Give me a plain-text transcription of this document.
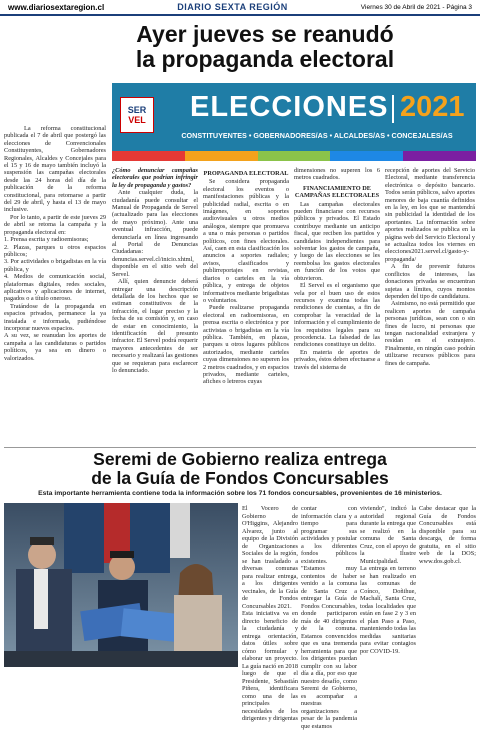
www.diariosextaregion.cl	DIARIO SEXTA REGIÓN	Viernes 30 de Abril de 2021 - Página 3
Ayer jueves se reanudó
la propaganda electoral

La reforma constitucional publicada el 7 de abril que postergó las elecciones de Convencionales Constituyentes, Gobernadores Regionales, Alcaldes y Concejales para el 15 y 16 de mayo también incluyó la suspensión las campañas electorales desde las 24 horas del día de la publicación de la reforma constitucional, para retomarse a partir del 29 de abril, y hasta el 13 de mayo inclusive.

Por lo tanto, a partir de este jueves 29 de abril se retoma la campaña y la propaganda electoral en:

1. Prensa escrita y radioemisoras;

2. Plazas, parques u otros espacios públicos;

3. Por actividades o brigadistas en la vía pública, y

4. Medios de comunicación social, plataformas digitales, redes sociales, aplicativos y aplicaciones de internet, pagados o a título oneroso.

Tratándose de la propaganda en espacios privados, permanece la ya instalada e informada, pudiéndose incorporar nuevos espacios.

A su vez, se reanudan los aportes de campaña a las candidaturas o partidos políticos, ya sea en dinero o valorizados.

SER
VEL ELECCIONES 2021
CONSTITUYENTES • GOBERNADORES/AS • ALCALDES/AS • CONCEJALES/AS

¿Cómo denunciar campañas electorales que podrían infringir la ley de propaganda y gastos?

Ante cualquier duda, la ciudadanía puede consultar el Manual de Propaganda de Servel (actualizado para las elecciones de mayo próximo). Ante una eventual infracción, puede denunciarla en línea ingresando al Portal de Denuncias Ciudadanas: denuncias.servel.cl/inicio.xhtml, disponible en el sitio web del Servel.

Allí, quien denuncie deberá entregar una descripción detallada de los hechos que se estiman constitutivos de la infracción, el lugar preciso y la fecha de su comisión y, en caso de estar en conocimiento, la identificación del presunto infractor. El Servel podrá requerir mayores antecedentes de ser necesario y realizará las gestiones que se requieran para esclarecer lo denunciado.

PROPAGANDA ELECTORAL

Se considera propaganda electoral los eventos o manifestaciones públicas y la publicidad radial, escrita o en imágenes, en soportes audiovisuales u otros medios análogos, siempre que promueva a una o más personas o partidos políticos, con fines electorales. Así, caen en esta clasificación los anuncios a soportes radiales; avisos, clasificados y publirreportajes en revistas, diarios o carteles en la vía pública, y entrega de objetos informativos mediante brigadistas o voluntarios.

Puede realizarse propaganda electoral en radioemisoras, en prensa escrita o electrónica y por activistas o brigadistas en la vía pública. También, en plazas, parques u otros lugares públicos autorizados, mediante carteles cuyas dimensiones no superen los 2 metros cuadrados, y en espacios privados, mediante carteles, afiches o letreros cuyas

dimensiones no superen los 6 metros cuadrados.

FINANCIAMIENTO DE CAMPAÑAS ELECTORALES

Las campañas electorales pueden financiarse con recursos públicos y privados. El Estado contribuye mediante un anticipo fiscal, que reciben los partidos y candidatos independientes para solventar los gastos de campaña, y luego de las elecciones se les reembolsa los gastos electorales en función de los votos que obtuvieron.

El Servel es el organismo que vela por el buen uso de estos recursos y examina todas las rendiciones de cuentas, a fin de comprobar la veracidad de la información y el cumplimiento de los requisitos legales para su procedencia. La falsedad de las rendiciones constituye un delito.

En materia de aportes de privados, éstos deben efectuarse a través del sistema de

recepción de aportes del Servicio Electoral, mediante transferencia electrónica o depósito bancario. Todos serán públicos, salvo aportes menores de baja cuantía definidos en la ley, en los que se mantendrá sin publicidad la identidad de los aportantes. La información sobre aportes realizados se publica en la página web del Servicio Electoral y se actualiza todos los viernes en elecciones2021.servel.cl/gasto-y-propaganda/

A fin de prevenir futuros conflictos de intereses, las donaciones privadas se encuentran sujetas a límites, cuyos montos dependen del tipo de candidatura.

Asimismo, no está permitido que realicen aportes de campaña personas jurídicas, sean con o sin fines de lucro, ni personas que tengan nacionalidad extranjera y residan en el extranjero. Finalmente, en ningún caso podrán utilizarse recursos públicos para fines de campaña.

Seremi de Gobierno realiza entrega
de la Guía de Fondos Concursables
Esta importante herramienta contiene toda la información sobre los 71 fondos concursables, provenientes de 16 ministerios.
El Vocero de Gobierno de O'Higgins, Alejandro Alvarez, junto al equipo de la División de Organizaciones Sociales de la región, se han trasladado a diversas comunas para realizar entrega, a los dirigentes vecinales, de la Guía de Fondos Concursables 2021.
Esta iniciativa va en directo beneficio de la ciudadanía y entrega orientación, datos útiles sobre cómo formular y elaborar un proyecto. La guía nació en 2018 luego de que el Presidente, Sebastián Piñera, identificara como una de las principales necesidades de los dirigentes y dirigentas
contar con información clara y a tiempo para programar sus actividades y postular a los diferentes fondos públicos existentes.
"Estamos muy contentos de haber venido a la comuna de Santa Cruz a entregar la Guía de Fondos Concursables, donde participaron más de 40 dirigentes de la comuna. Estamos convencidos que es una tremenda herramienta para que los dirigentes puedan cumplir con su labor día a día, por eso que nuestro desafío, como Seremi de Gobierno, es acompañar a nuestras organizaciones a pesar de la pandemia que estamos
viviendo", indicó la autoridad regional durante la entrega que se realizó en la comuna de Santa Cruz, con el apoyo de la Ilustre Municipalidad.
La entrega en terreno se han realizado en las comunas de Coínco, Doñihue, Machalí, Santa Cruz, todas localidades que están en fase 2 y 3 en el plan Paso a Paso, manteniendo todas las medidas sanitarias para evitar contagios por COVID-19.
Cabe destacar que la Guía de Fondos Concursables está disponible para su descarga, de forma gratuita, en el sitio web de la DOS; www.dos.gob.cl.
